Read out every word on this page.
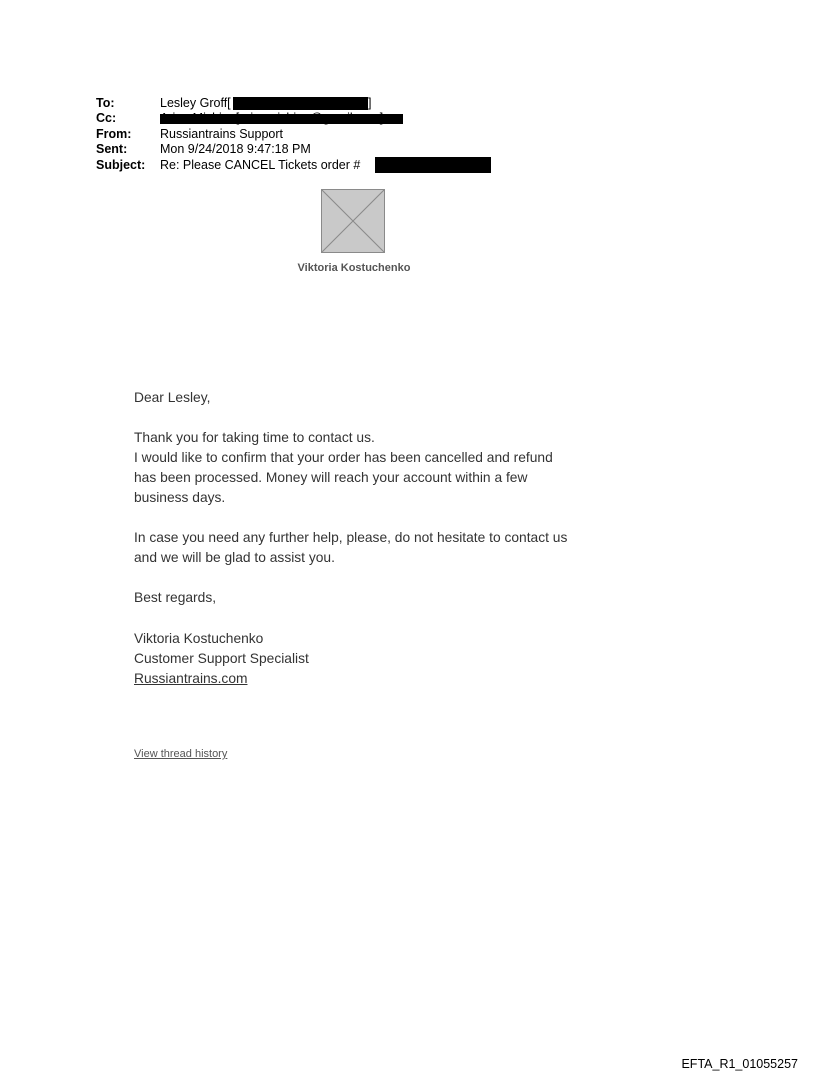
To:	Lesley Groff[	]
Cc:
From: Russiantrains Support
Sent:	Mon 9/24/2018 9:47:18 PM
Subject: Re: Please CANCEL Tickets order #
Viktoria Kostuchenko
Dear Lesley,
Thank you for taking time to contact us.
I would like to confirm that your order has been cancelled and refund
has been processed. Money will reach your account within a few
business days.
In case you need any further help, please, do not hesitate to contact us
and we will be glad to assist you.
Best regards,
Viktoria Kostuchenko
Customer Support Specialist
Russiantrains.com
View thread history
EFTA_R1_01055257
